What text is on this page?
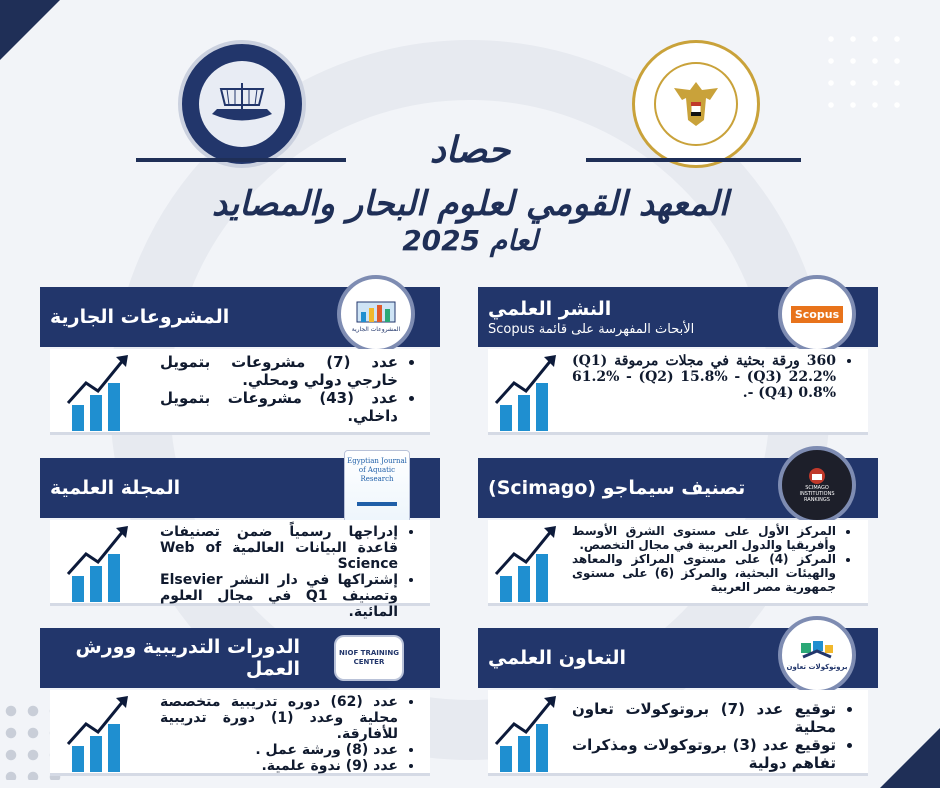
حصاد
المعهد القومي لعلوم البحار والمصايد
لعام 2025
المشروعات الجارية
المشروعات الجارية
• عدد (7) مشروعات بتمويل خارجي دولي ومحلي.
• عدد (43) مشروعات بتمويل داخلي.
النشر العلمي
الأبحاث المفهرسة على قائمة Scopus
Scopus
• 360 ورقة بحثية في مجلات مرموقة (Q1) 61.2% - (Q2) 15.8% - (Q3) 22.2% - (Q4) 0.8%.
المجلة العلمية
Egyptian Journal of Aquatic Research
• إدراجها رسمياً ضمن تصنيفات قاعدة البيانات العالمية Web of Science
• إشتراكها في دار النشر Elsevier وتصنيف Q1 في مجال العلوم المائية.
تصنيف سيماجو (Scimago)	SCIMAGO INSTITUTIONS RANKINGS
• المركز الأول على مستوى الشرق الأوسط وأفريقيا والدول العربية في مجال التخصص.
• المركز (4) على مستوى المراكز والمعاهد والهيئات البحثية، والمركز (6) على مستوى جمهورية مصر العربية
الدورات التدريبية وورش العمل
NIOF TRAINING CENTER
• عدد (62) دوره تدريبية متخصصة محلية وعدد (1) دورة تدريبية للأفارقة.
• عدد (8) ورشة عمل .
• عدد (9) ندوة علمية.
التعاون العلمي	بروتوكولات تعاون
• توقيع عدد (7) بروتوكولات تعاون محلية
• توقيع عدد (3) بروتوكولات ومذكرات تفاهم دولية
